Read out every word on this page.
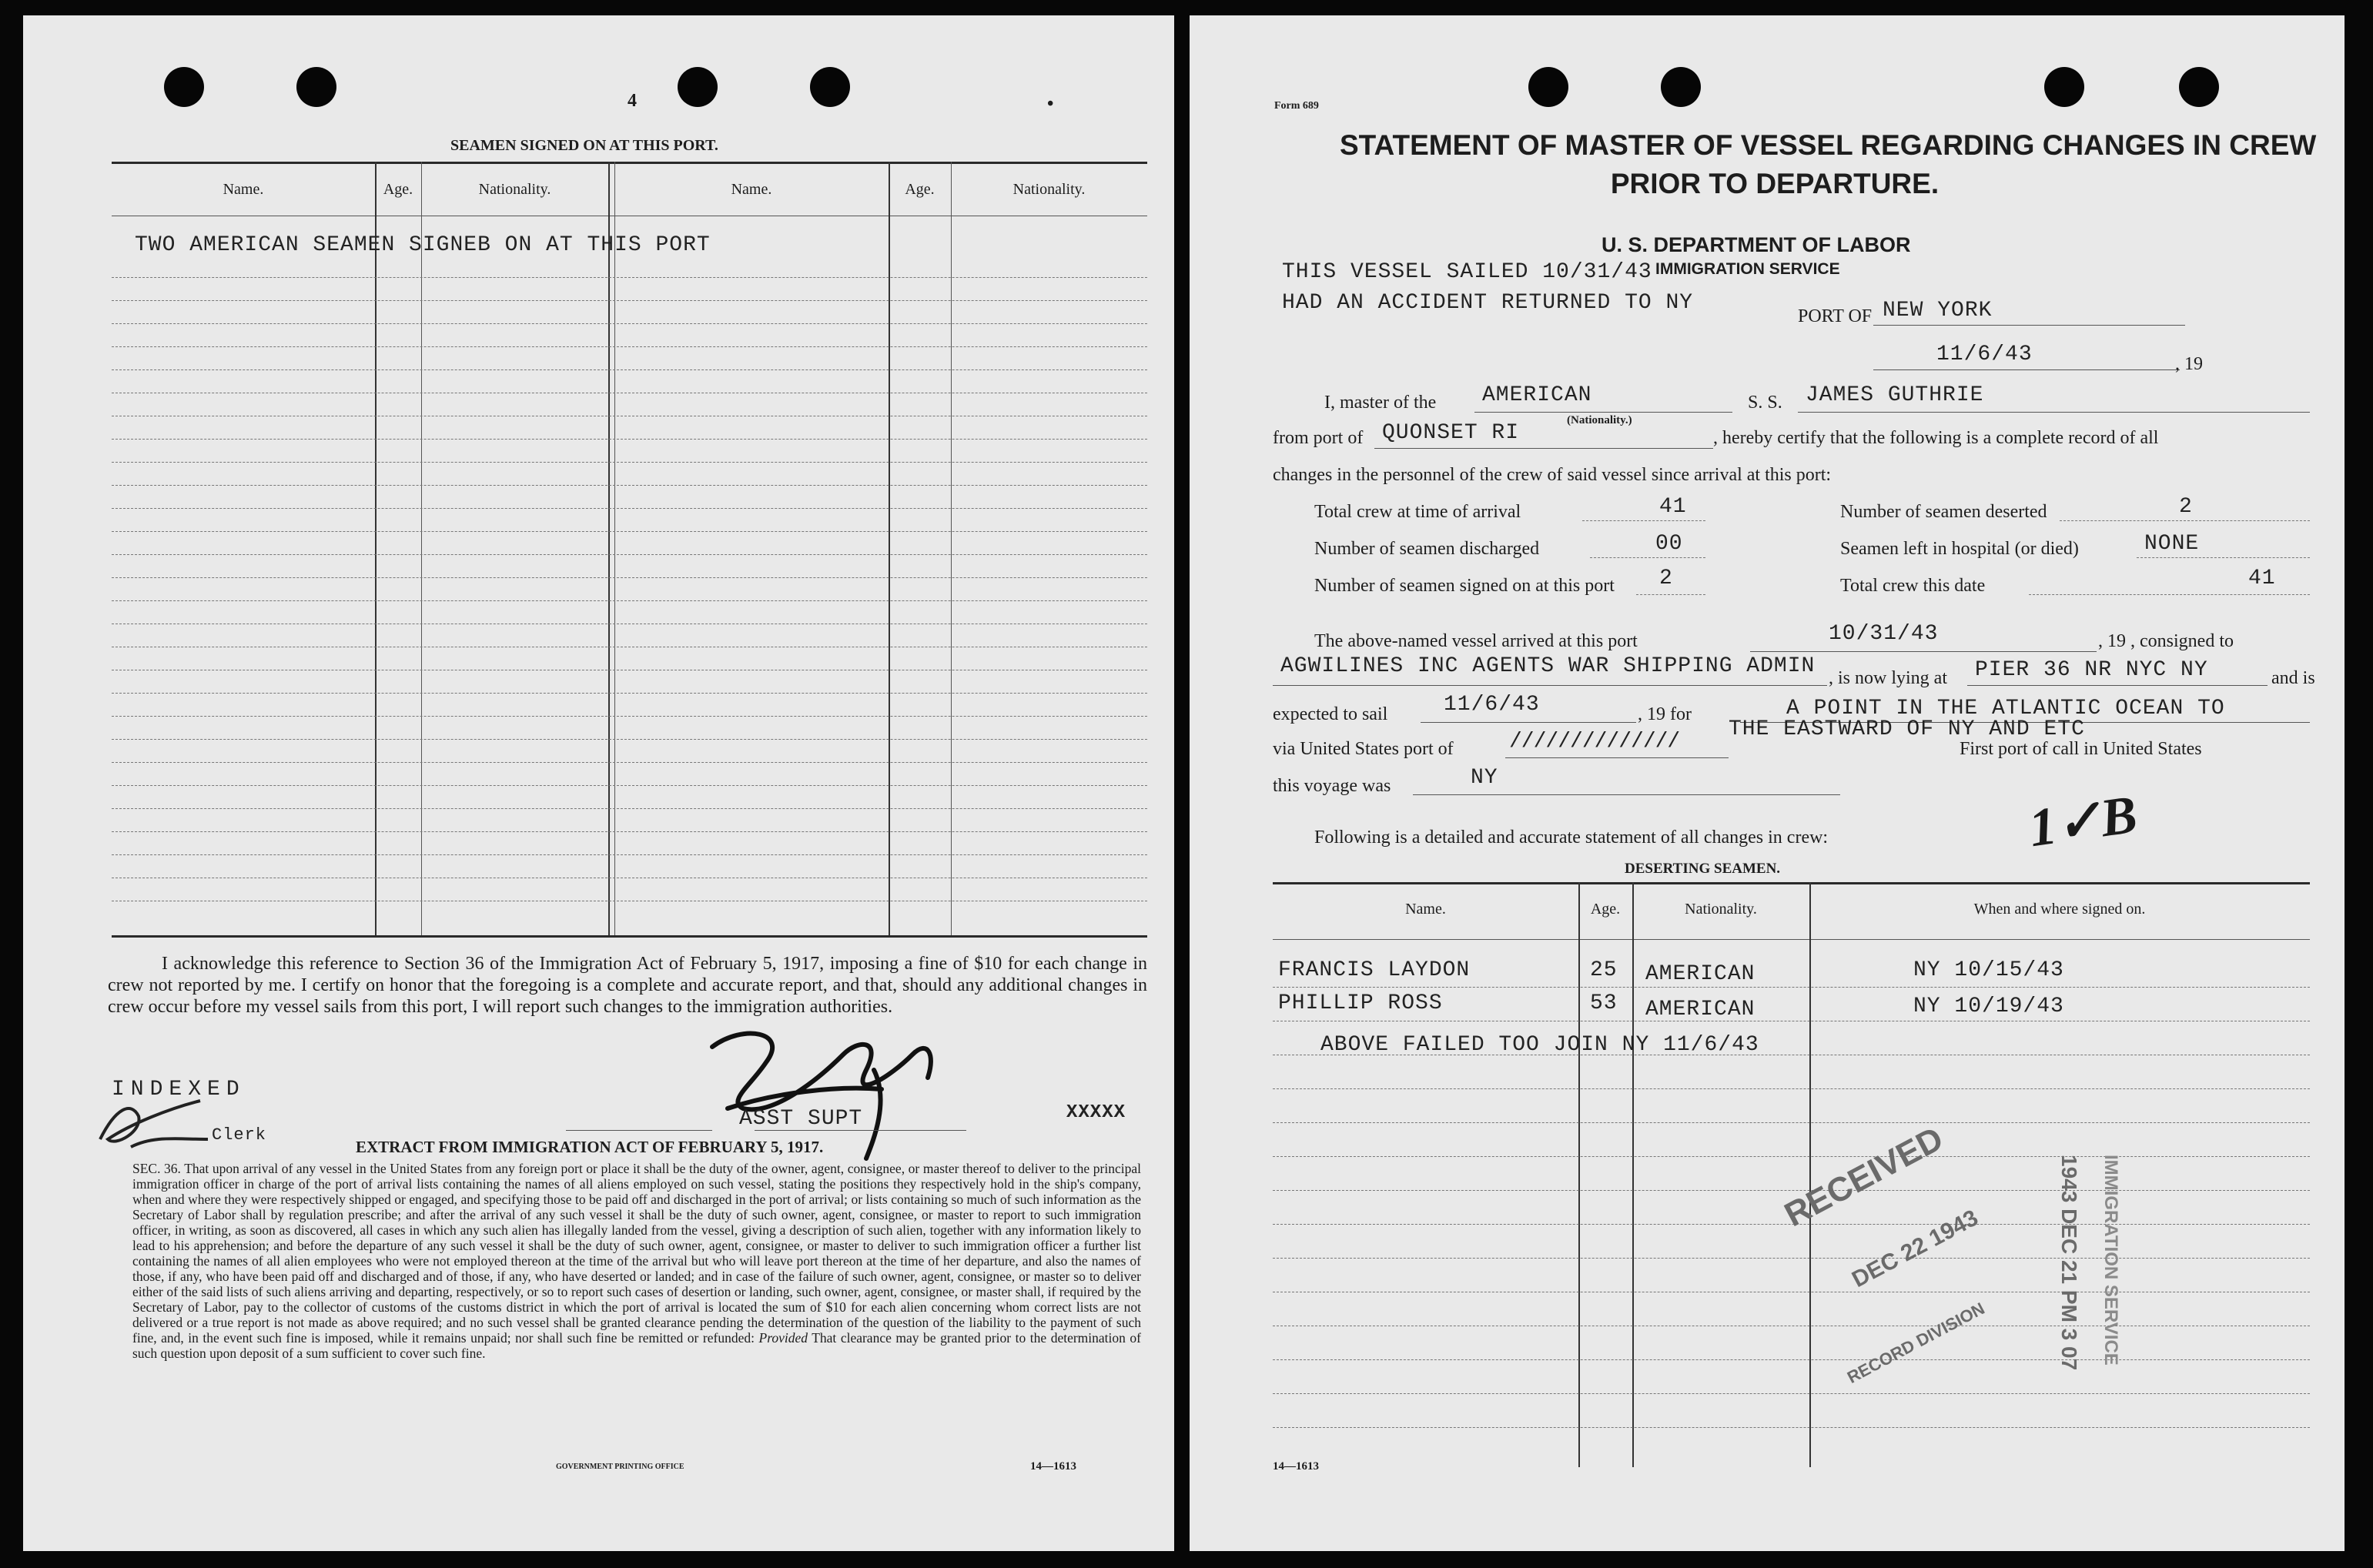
4	•
SEAMEN SIGNED ON AT THIS PORT.
Name.	Age.	Nationality.	Name.	Age.	Nationality.
TWO AMERICAN SEAMEN SIGNEB ON AT THIS PORT
I acknowledge this reference to Section 36 of the Immigration Act of February 5, 1917, imposing a fine of $10 for each change in crew not reported by me. I certify on honor that the foregoing is a complete and accurate report, and that, should any additional changes in crew occur before my vessel sails from this port, I will report such changes to the immigration authorities.
ASST SUPT	XXXXX
INDEXED
Clerk
EXTRACT FROM IMMIGRATION ACT OF FEBRUARY 5, 1917.
SEC. 36. That upon arrival of any vessel in the United States from any foreign port or place it shall be the duty of the owner, agent, consignee, or master thereof to deliver to the principal immigration officer in charge of the port of arrival lists containing the names of all aliens employed on such vessel, stating the positions they respectively hold in the ship's company, when and where they were respectively shipped or engaged, and specifying those to be paid off and discharged in the port of arrival; or lists containing so much of such information as the Secretary of Labor shall by regulation prescribe; and after the arrival of any such vessel it shall be the duty of such owner, agent, consignee, or master to report to such immigration officer, in writing, as soon as discovered, all cases in which any such alien has illegally landed from the vessel, giving a description of such alien, together with any information likely to lead to his apprehension; and before the departure of any such vessel it shall be the duty of such owner, agent, consignee, or master to deliver to such immigration officer a further list containing the names of all alien employees who were not employed thereon at the time of the arrival but who will leave port thereon at the time of her departure, and also the names of those, if any, who have been paid off and discharged and of those, if any, who have deserted or landed; and in case of the failure of such owner, agent, consignee, or master so to deliver either of the said lists of such aliens arriving and departing, respectively, or so to report such cases of desertion or landing, such owner, agent, consignee, or master shall, if required by the Secretary of Labor, pay to the collector of customs of the customs district in which the port of arrival is located the sum of $10 for each alien concerning whom correct lists are not delivered or a true report is not made as above required; and no such vessel shall be granted clearance pending the determination of the question of the liability to the payment of such fine, and, in the event such fine is imposed, while it remains unpaid; nor shall such fine be remitted or refunded: Provided That clearance may be granted prior to the determination of such question upon deposit of a sum sufficient to cover such fine.
GOVERNMENT PRINTING OFFICE	14—1613
Form 689
STATEMENT OF MASTER OF VESSEL REGARDING CHANGES IN CREW
PRIOR TO DEPARTURE.
U. S. DEPARTMENT OF LABOR
IMMIGRATION SERVICE
THIS VESSEL SAILED 10/31/43
HAD AN ACCIDENT RETURNED TO NY
PORT OF NEW YORK
11/6/43	, 19
I, master of the AMERICAN
(Nationality.)
S. S. JAMES GUTHRIE
from port of QUONSET RI	, hereby certify that the following is a complete record of all
changes in the personnel of the crew of said vessel since arrival at this port:
Total crew at time of arrival	41	Number of seamen deserted	2
Number of seamen discharged	00	Seamen left in hospital (or died)	NONE
Number of seamen signed on at this port 2	Total crew this date	41
The above-named vessel arrived at this port	10/31/43	, 19 , consigned to
AGWILINES INC AGENTS WAR SHIPPING ADMIN , is now lying at PIER 36 NR NYC NY	and is
expected to sail	11/6/43	, 19 for	A POINT IN THE ATLANTIC OCEAN TO
THE EASTWARD OF NY AND ETC
via United States port of	//////////////	First port of call in United States
this voyage was	NY
1✓B
Following is a detailed and accurate statement of all changes in crew:
DESERTING SEAMEN.
Name.	Age.	Nationality.	When and where signed on.
FRANCIS LAYDON	25 AMERICAN	NY 10/15/43
PHILLIP ROSS	53 AMERICAN	NY 10/19/43
ABOVE FAILED TOO JOIN NY 11/6/43
RECEIVED
DEC 22 1943
RECORD DIVISION	1943 DEC 21 PM 3 07 IMMIGRATION SERVICE
14—1613
